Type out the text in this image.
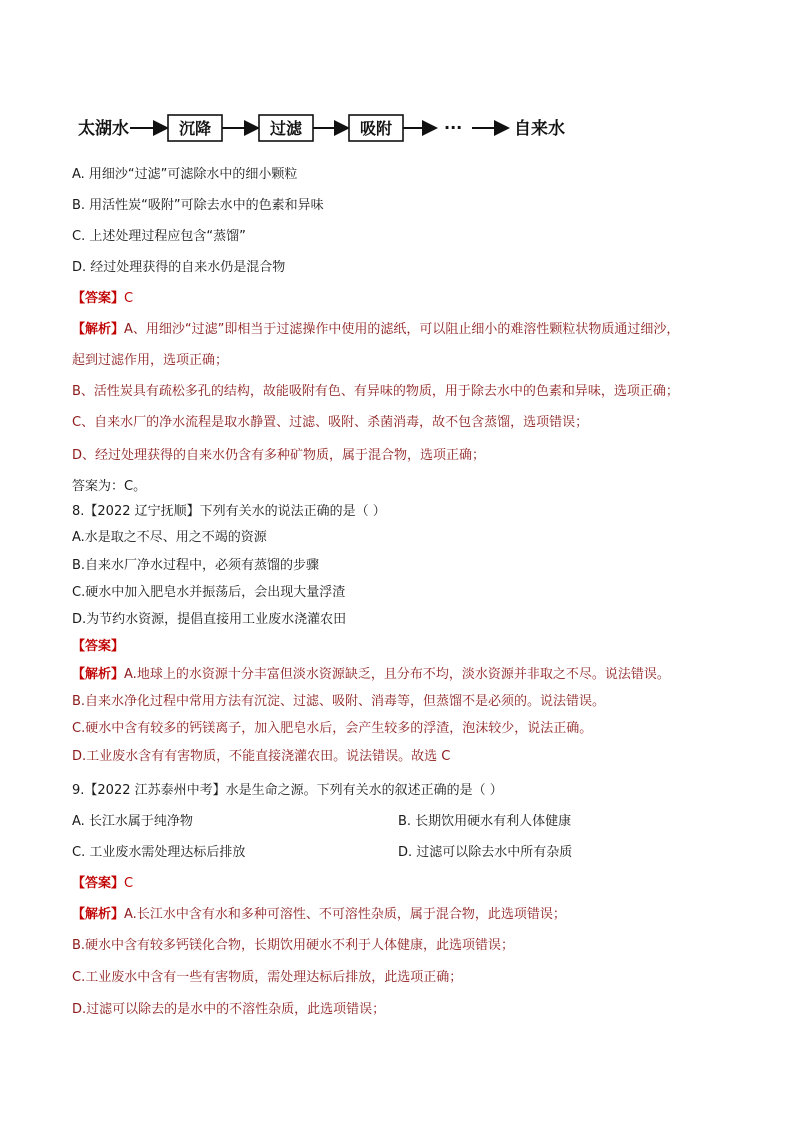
太湖水	沉降	过滤	吸附	···	自来水
A. 用细沙“过滤”可滤除水中的细小颗粒
B. 用活性炭“吸附”可除去水中的色素和异味
C. 上述处理过程应包含“蒸馏”
D. 经过处理获得的自来水仍是混合物
【答案】C
【解析】A、用细沙“过滤”即相当于过滤操作中使用的滤纸，可以阻止细小的难溶性颗粒状物质通过细沙，
起到过滤作用，选项正确；
B、活性炭具有疏松多孔的结构，故能吸附有色、有异味的物质，用于除去水中的色素和异味，选项正确；
C、自来水厂的净水流程是取水静置、过滤、吸附、杀菌消毒，故不包含蒸馏，选项错误；
D、经过处理获得的自来水仍含有多种矿物质，属于混合物，选项正确；
答案为：C。
8.【2022 辽宁抚顺】下列有关水的说法正确的是（ ）
A.水是取之不尽、用之不竭的资源
B.自来水厂净水过程中，必须有蒸馏的步骤
C.硬水中加入肥皂水并振荡后，会出现大量浮渣
D.为节约水资源，提倡直接用工业废水浇灌农田
【答案】
【解析】A.地球上的水资源十分丰富但淡水资源缺乏，且分布不均，淡水资源并非取之不尽。说法错误。
B.自来水净化过程中常用方法有沉淀、过滤、吸附、消毒等，但蒸馏不是必须的。说法错误。
C.硬水中含有较多的钙镁离子，加入肥皂水后，会产生较多的浮渣，泡沫较少，说法正确。
D.工业废水含有有害物质，不能直接浇灌农田。说法错误。故选 C
9.【2022 江苏泰州中考】水是生命之源。下列有关水的叙述正确的是（ ）
A. 长江水属于纯净物	B. 长期饮用硬水有利人体健康
C. 工业废水需处理达标后排放	D. 过滤可以除去水中所有杂质
【答案】C
【解析】A.长江水中含有水和多种可溶性、不可溶性杂质，属于混合物，此选项错误；
B.硬水中含有较多钙镁化合物，长期饮用硬水不利于人体健康，此选项错误；
C.工业废水中含有一些有害物质，需处理达标后排放，此选项正确；
D.过滤可以除去的是水中的不溶性杂质，此选项错误；
